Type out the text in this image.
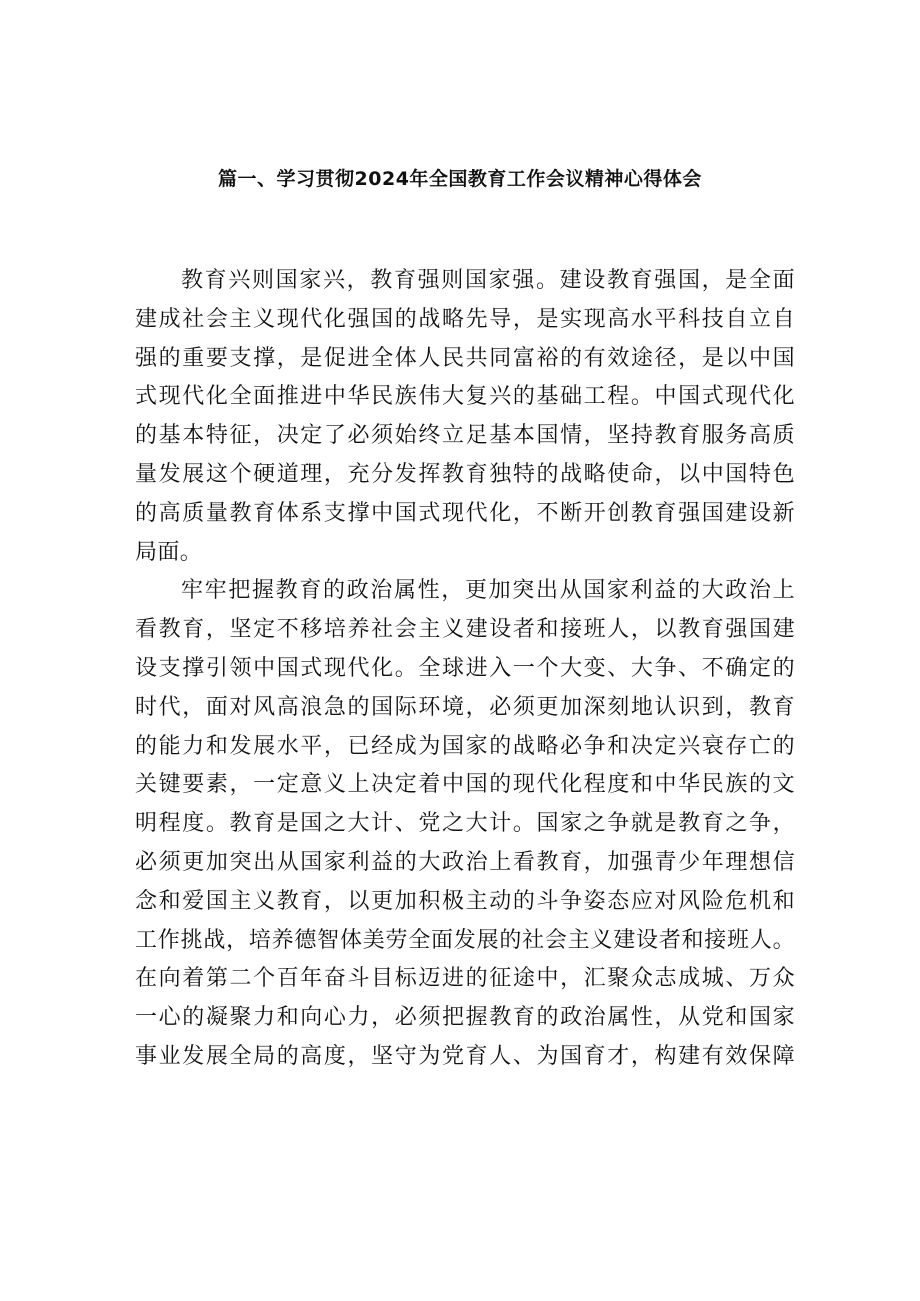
篇一、学习贯彻2024年全国教育工作会议精神心得体会
教育兴则国家兴，教育强则国家强。建设教育强国，是全面
建成社会主义现代化强国的战略先导，是实现高水平科技自立自
强的重要支撑，是促进全体人民共同富裕的有效途径，是以中国
式现代化全面推进中华民族伟大复兴的基础工程。中国式现代化
的基本特征，决定了必须始终立足基本国情，坚持教育服务高质
量发展这个硬道理，充分发挥教育独特的战略使命，以中国特色
的高质量教育体系支撑中国式现代化，不断开创教育强国建设新
局面。
牢牢把握教育的政治属性，更加突出从国家利益的大政治上
看教育，坚定不移培养社会主义建设者和接班人，以教育强国建
设支撑引领中国式现代化。全球进入一个大变、大争、不确定的
时代，面对风高浪急的国际环境，必须更加深刻地认识到，教育
的能力和发展水平，已经成为国家的战略必争和决定兴衰存亡的
关键要素，一定意义上决定着中国的现代化程度和中华民族的文
明程度。教育是国之大计、党之大计。国家之争就是教育之争，
必须更加突出从国家利益的大政治上看教育，加强青少年理想信
念和爱国主义教育，以更加积极主动的斗争姿态应对风险危机和
工作挑战，培养德智体美劳全面发展的社会主义建设者和接班人。
在向着第二个百年奋斗目标迈进的征途中，汇聚众志成城、万众
一心的凝聚力和向心力，必须把握教育的政治属性，从党和国家
事业发展全局的高度，坚守为党育人、为国育才，构建有效保障
